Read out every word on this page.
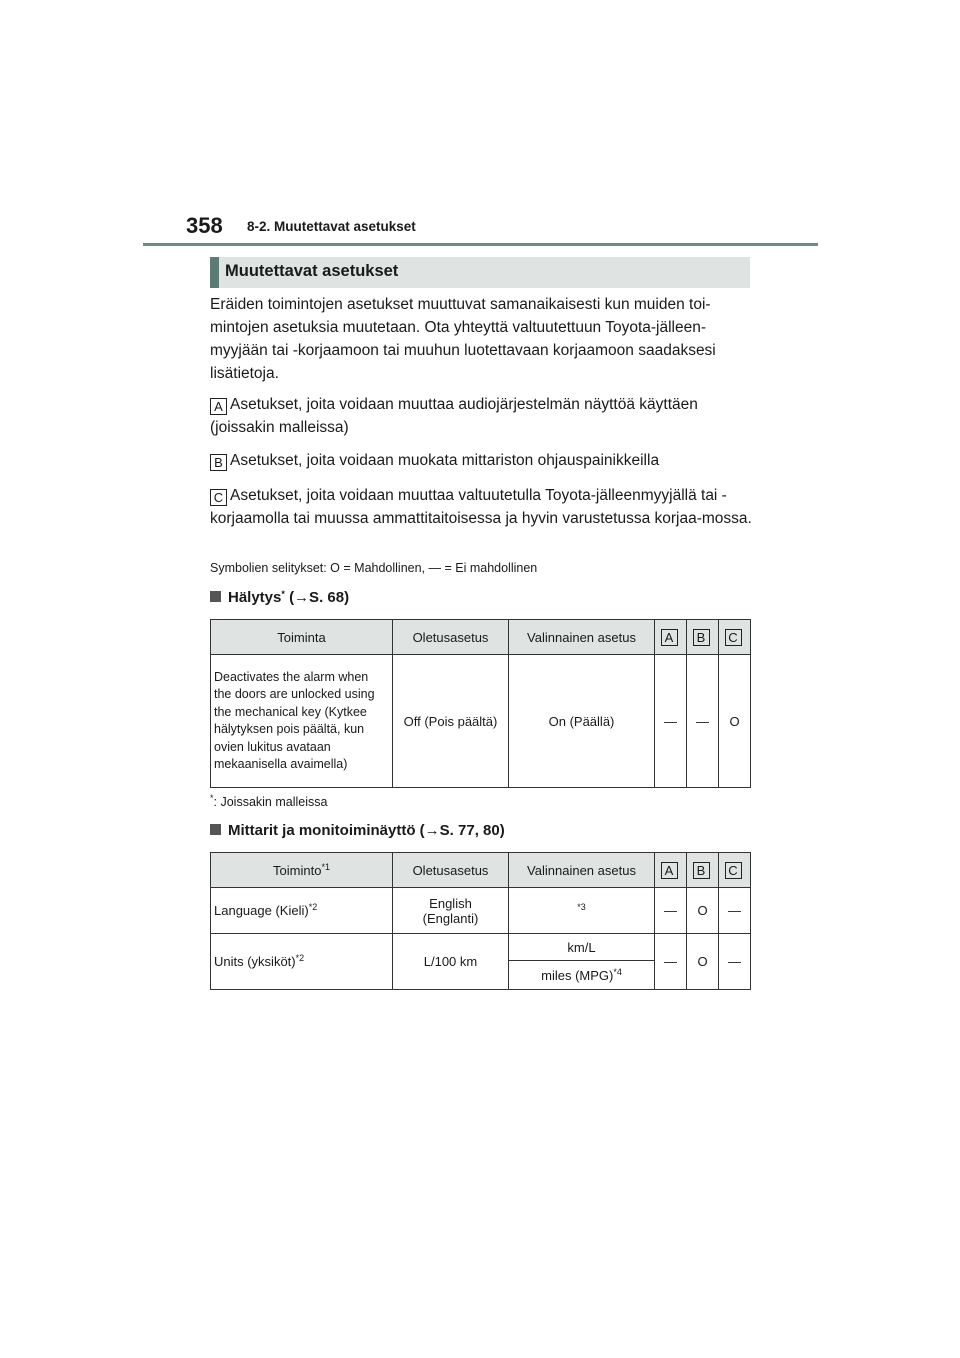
358 8-2. Muutettavat asetukset
Muutettavat asetukset

Eräiden toimintojen asetukset muuttuvat samanaikaisesti kun muiden toi-mintojen asetuksia muutetaan. Ota yhteyttä valtuutettuun Toyota-jälleen-myyjään tai -korjaamoon tai muuhun luotettavaan korjaamoon saadaksesi lisätietoja.

A Asetukset, joita voidaan muuttaa audiojärjestelmän näyttöä käyttäen (joissakin malleissa)

B Asetukset, joita voidaan muokata mittariston ohjauspainikkeilla

C Asetukset, joita voidaan muuttaa valtuutetulla Toyota-jälleenmyyjällä tai -korjaamolla tai muussa ammattitaitoisessa ja hyvin varustetussa korjaa-mossa.

Symbolien selitykset: O = Mahdollinen, — = Ei mahdollinen
Hälytys* (→S. 68)
Toiminta	Oletusasetus	Valinnainen asetus	A	B	C
Deactivates the alarm when the doors are unlocked using the mechanical key (Kytkee hälytyksen pois päältä, kun ovien lukitus avataan mekaanisella avaimella)	Off (Pois päältä)	On (Päällä)	—	—	O
*: Joissakin malleissa
Mittarit ja monitoiminäyttö (→S. 77, 80)
Toiminto$^{*1}$	Oletusasetus	Valinnainen asetus	A	B	C
Language (Kieli)$^{*2}$	English (Englanti)	$^{*3}$	—	O	—
Units (yksiköt)$^{*2}$	L/100 km	km/L	—	O	—
		miles (MPG)$^{*4}$
